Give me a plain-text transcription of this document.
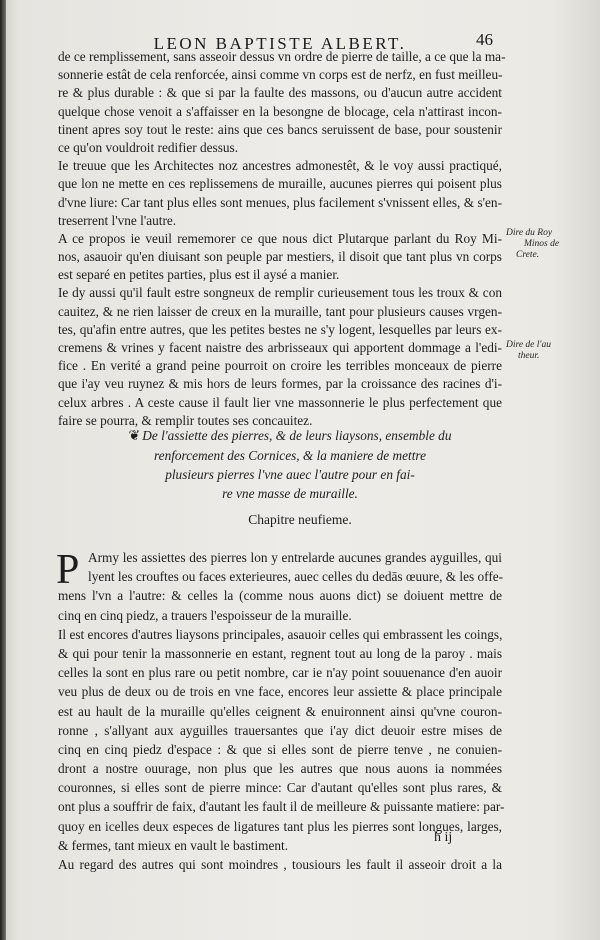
LEON BAPTISTE ALBERT.	46
de ce remplissement, sans asseoir dessus vn ordre de pierre de taille, a ce que la ma-
sonnerie estât de cela renforcée, ainsi comme vn corps est de nerfz, en fust meilleu-
re & plus durable : & que si par la faulte des massons, ou d'aucun autre accident
quelque chose venoit a s'affaisser en la besongne de blocage, cela n'attirast incon-
tinent apres soy tout le reste: ains que ces bancs seruissent de base, pour soustenir
ce qu'on vouldroit redifier dessus.
Ie treuue que les Architectes noz ancestres admonestêt, & le voy aussi practiqué,
que lon ne mette en ces replissemens de muraille, aucunes pierres qui poisent plus
d'vne liure: Car tant plus elles sont menues, plus facilement s'vnissent elles, & s'en-
treserrent l'vne l'autre.
A ce propos ie veuil rememorer ce que nous dict Plutarque parlant du Roy Mi-
nos, asauoir qu'en diuisant son peuple par mestiers, il disoit que tant plus vn corps
est separé en petites parties, plus est il aysé a manier.
Ie dy aussi qu'il fault estre songneux de remplir curieusement tous les troux & con
cauitez, & ne rien laisser de creux en la muraille, tant pour plusieurs causes vrgen-
tes, qu'afin entre autres, que les petites bestes ne s'y logent, lesquelles par leurs ex-
cremens & vrines y facent naistre des arbrisseaux qui apportent dommage a l'edi-
fice . En verité a grand peine pourroit on croire les terribles monceaux de pierre
que i'ay veu ruynez & mis hors de leurs formes, par la croissance des racines d'i-
celux arbres . A ceste cause il fault lier vne massonnerie le plus perfectement que
faire se pourra, & remplir toutes ses concauitez.
Dire du Roy
Minos de
Crete.
Dire de l'au
theur.
❦ De l'assiette des pierres, & de leurs liaysons, ensemble du
renforcement des Cornices, & la maniere de mettre
plusieurs pierres l'vne auec l'autre pour en fai-
re vne masse de muraille.
Chapitre neufieme.
P Army les assiettes des pierres lon y entrelarde aucunes grandes ayguilles, qui
lyent les crouftes ou faces exterieures, auec celles du dedās œuure, & les offe-
mens l'vn a l'autre: & celles la (comme nous auons dict) se doiuent mettre de
cinq en cinq piedz, a trauers l'espoisseur de la muraille.
Il est encores d'autres liaysons principales, asauoir celles qui embrassent les coings,
& qui pour tenir la massonnerie en estant, regnent tout au long de la paroy . mais
celles la sont en plus rare ou petit nombre, car ie n'ay point souuenance d'en auoir
veu plus de deux ou de trois en vne face, encores leur assiette & place principale
est au hault de la muraille qu'elles ceignent & enuironnent ainsi qu'vne couron-
ronne , s'allyant aux ayguilles trauersantes que i'ay dict deuoir estre mises de
cinq en cinq piedz d'espace : & que si elles sont de pierre tenve , ne conuien-
dront a nostre ouurage, non plus que les autres que nous auons ia nommées
couronnes, si elles sont de pierre mince: Car d'autant qu'elles sont plus rares, &
ont plus a souffrir de faix, d'autant les fault il de meilleure & puissante matiere: par-
quoy en icelles deux especes de ligatures tant plus les pierres sont longues, larges,
& fermes, tant mieux en vault le bastiment.
Au regard des autres qui sont moindres , tousiours les fault il asseoir droit a la
h ij
